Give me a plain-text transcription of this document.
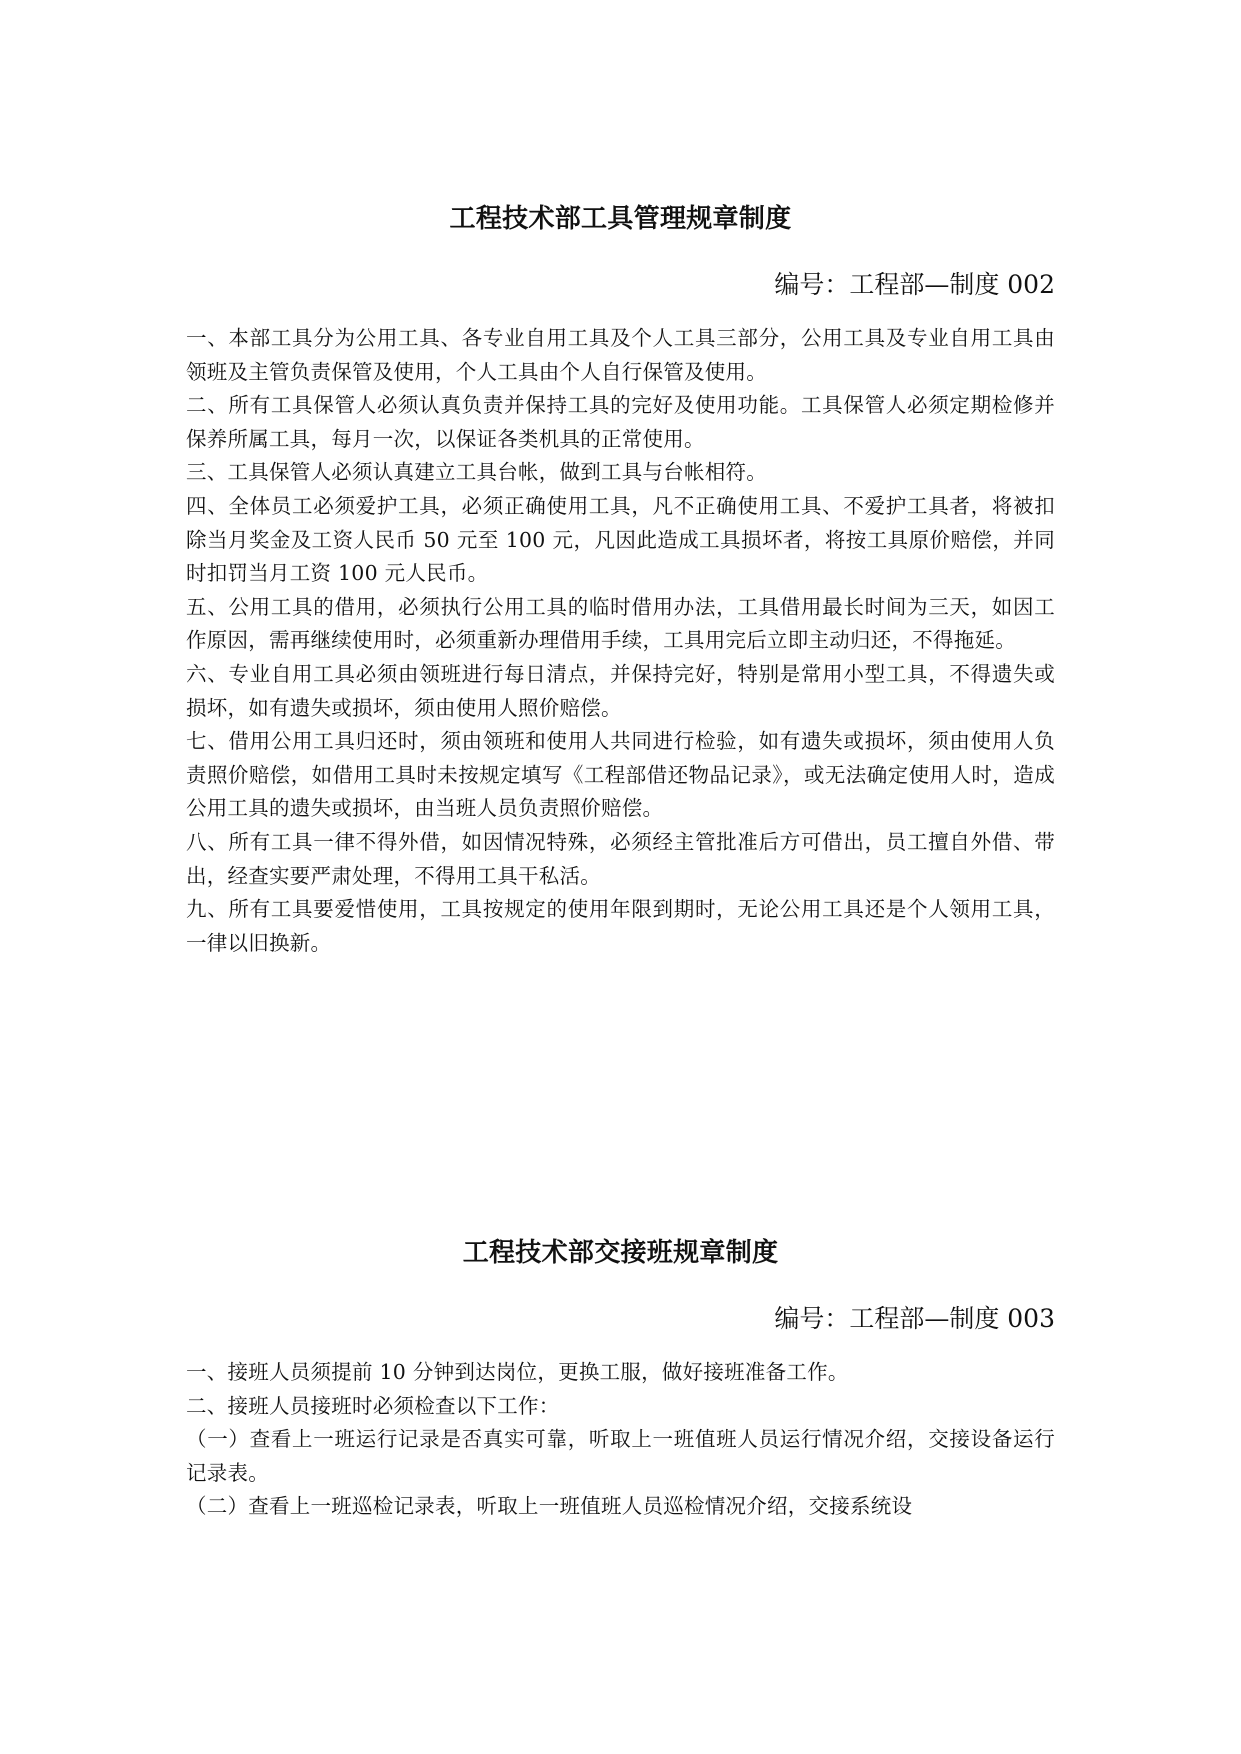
工程技术部工具管理规章制度
编号：工程部—制度 002

一、本部工具分为公用工具、各专业自用工具及个人工具三部分，公用工具及专业自用工具由领班及主管负责保管及使用，个人工具由个人自行保管及使用。

二、所有工具保管人必须认真负责并保持工具的完好及使用功能。工具保管人必须定期检修并保养所属工具，每月一次，以保证各类机具的正常使用。

三、工具保管人必须认真建立工具台帐，做到工具与台帐相符。

四、全体员工必须爱护工具，必须正确使用工具，凡不正确使用工具、不爱护工具者，将被扣除当月奖金及工资人民币 50 元至 100 元，凡因此造成工具损坏者，将按工具原价赔偿，并同时扣罚当月工资 100 元人民币。

五、公用工具的借用，必须执行公用工具的临时借用办法，工具借用最长时间为三天，如因工作原因，需再继续使用时，必须重新办理借用手续，工具用完后立即主动归还，不得拖延。

六、专业自用工具必须由领班进行每日清点，并保持完好，特别是常用小型工具，不得遗失或损坏，如有遗失或损坏，须由使用人照价赔偿。

七、借用公用工具归还时，须由领班和使用人共同进行检验，如有遗失或损坏，须由使用人负责照价赔偿，如借用工具时未按规定填写《工程部借还物品记录》，或无法确定使用人时，造成公用工具的遗失或损坏，由当班人员负责照价赔偿。

八、所有工具一律不得外借，如因情况特殊，必须经主管批准后方可借出，员工擅自外借、带出，经查实要严肃处理，不得用工具干私活。

九、所有工具要爱惜使用，工具按规定的使用年限到期时，无论公用工具还是个人领用工具，一律以旧换新。

工程技术部交接班规章制度
编号：工程部—制度 003

一、接班人员须提前 10 分钟到达岗位，更换工服，做好接班准备工作。

二、接班人员接班时必须检查以下工作：

（一）查看上一班运行记录是否真实可靠，听取上一班值班人员运行情况介绍，交接设备运行记录表。

（二）查看上一班巡检记录表，听取上一班值班人员巡检情况介绍，交接系统设
